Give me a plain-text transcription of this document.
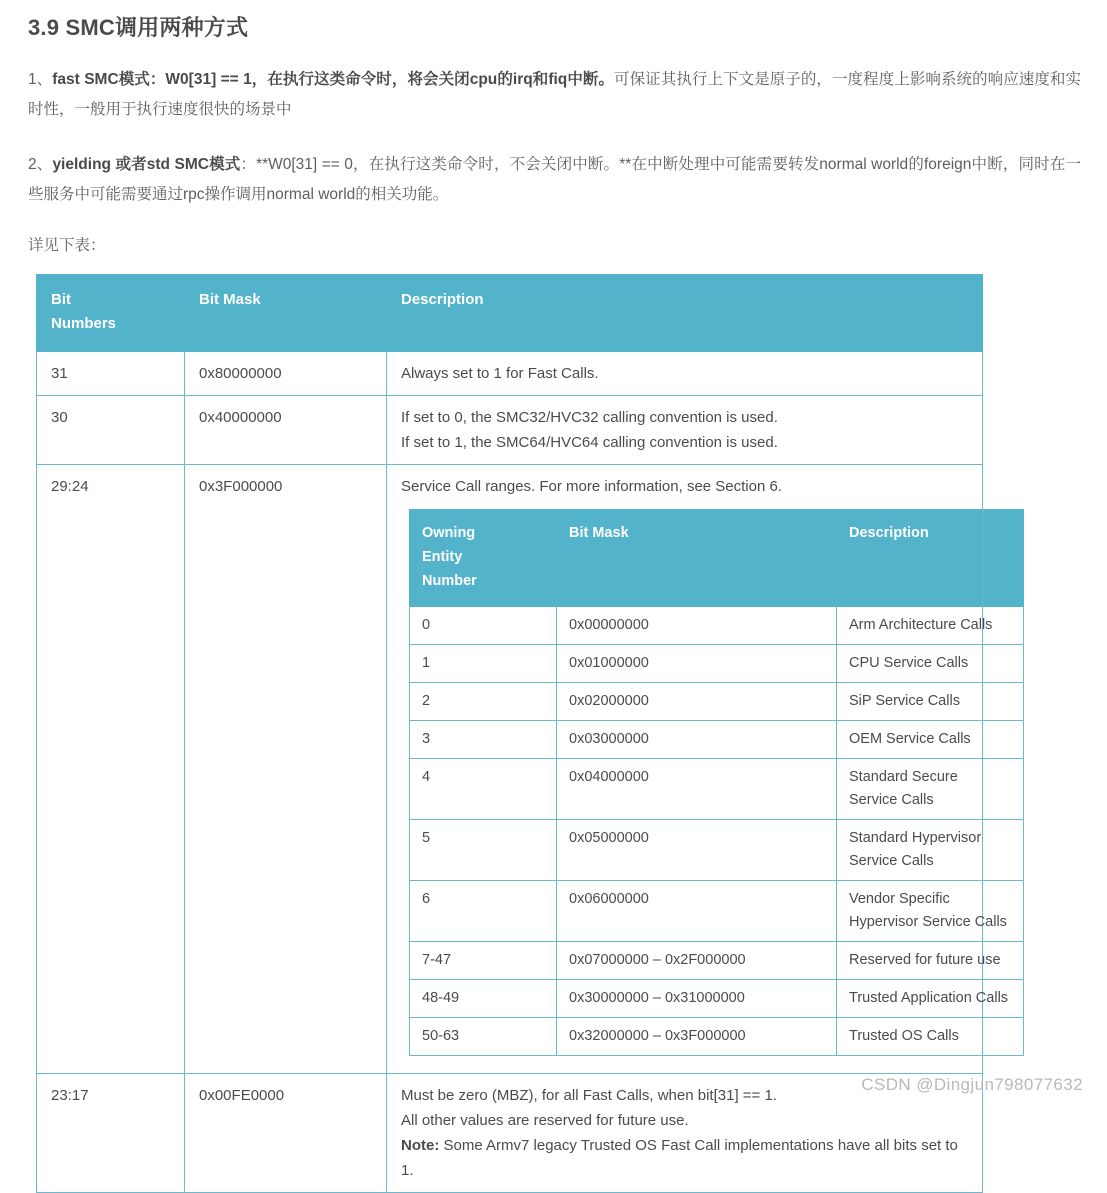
3.9 SMC调用两种方式

1、fast SMC模式：W0[31] == 1，在执行这类命令时，将会关闭cpu的irq和fiq中断。可保证其执行上下文是原子的，一度程度上影响系统的响应速度和实时性，一般用于执行速度很快的场景中

2、yielding 或者std SMC模式：**W0[31] == 0，在执行这类命令时，不会关闭中断。**在中断处理中可能需要转发normal world的foreign中断，同时在一些服务中可能需要通过rpc操作调用normal world的相关功能。

详见下表：

Bit
Numbers
	Bit Mask	Description
31	0x80000000	Always set to 1 for Fast Calls.

30	0x40000000	If set to 0, the SMC32/HVC32 calling convention is used.
If set to 1, the SMC64/HVC64 calling convention is used.

29:24	0x3F000000	Service Call ranges. For more information, see Section 6.
Owning
Entity
Number
	Bit Mask	Description
0	0x00000000	Arm Architecture Calls

1	0x01000000	CPU Service Calls

2	0x02000000	SiP Service Calls

3	0x03000000	OEM Service Calls

4	0x04000000	Standard Secure
Service Calls

5	0x05000000	Standard Hypervisor
Service Calls

6	0x06000000	Vendor Specific
Hypervisor Service Calls

7-47	0x07000000 – 0x2F000000	Reserved for future use

48-49	0x30000000 – 0x31000000	Trusted Application Calls

50-63	0x32000000 – 0x3F000000	Trusted OS Calls

23:17	0x00FE0000	Must be zero (MBZ), for all Fast Calls, when bit[31] == 1.
All other values are reserved for future use.
Note: Some Armv7 legacy Trusted OS Fast Call implementations have all bits set to 1.
CSDN @Dingjun798077632
